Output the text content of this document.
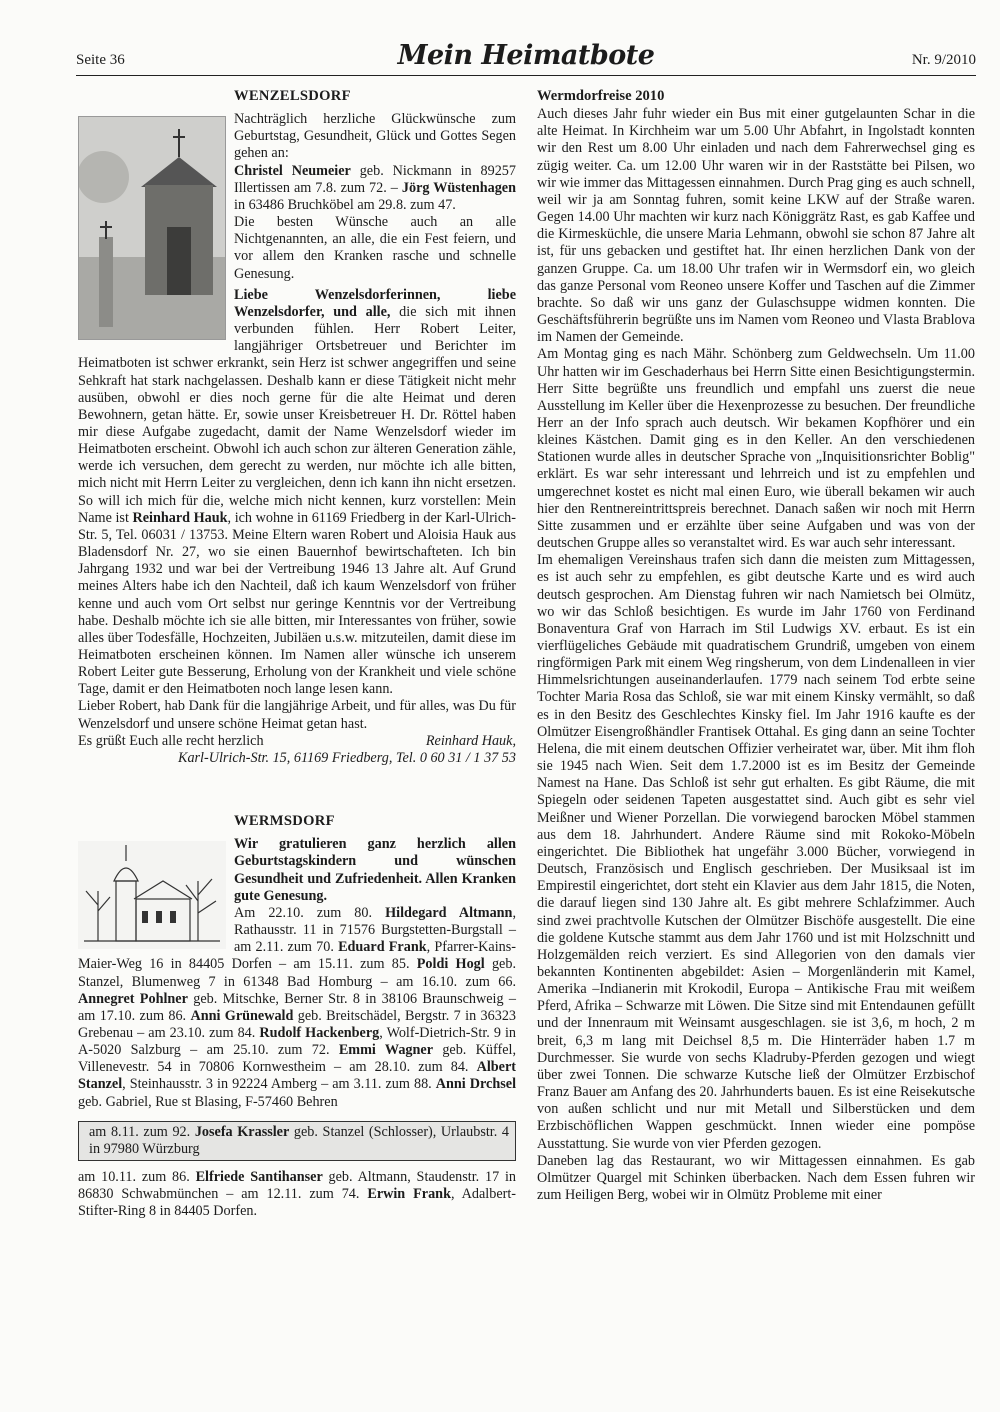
Seite 36	Mein Heimatbote	Nr. 9/2010

WENZELSDORF

Nachträglich herzliche Glückwünsche zum Geburtstag, Gesundheit, Glück und Gottes Segen gehen an:

Christel Neumeier geb. Nickmann in 89257 Illertissen am 7.8. zum 72. – Jörg Wüstenhagen in 63486 Bruchköbel am 29.8. zum 47.

Die besten Wünsche auch an alle Nichtgenannten, an alle, die ein Fest feiern, und vor allem den Kranken rasche und schnelle Genesung.

Liebe Wenzelsdorferinnen, liebe Wenzelsdorfer, und alle, die sich mit ihnen verbunden fühlen. Herr Robert Leiter, langjähriger Ortsbetreuer und Berichter im Heimatboten ist schwer erkrankt, sein Herz ist schwer angegriffen und seine Sehkraft hat stark nachgelassen. Deshalb kann er diese Tätigkeit nicht mehr ausüben, obwohl er dies noch gerne für die alte Heimat und deren Bewohnern, getan hätte. Er, sowie unser Kreisbetreuer H. Dr. Röttel haben mir diese Aufgabe zugedacht, damit der Name Wenzelsdorf wieder im Heimatboten erscheint. Obwohl ich auch schon zur älteren Generation zähle, werde ich versuchen, dem gerecht zu werden, nur möchte ich alle bitten, mich nicht mit Herrn Leiter zu vergleichen, denn ich kann ihn nicht ersetzen. So will ich mich für die, welche mich nicht kennen, kurz vorstellen: Mein Name ist Reinhard Hauk, ich wohne in 61169 Friedberg in der Karl-Ulrich-Str. 5, Tel. 06031 / 13753. Meine Eltern waren Robert und Aloisia Hauk aus Bladensdorf Nr. 27, wo sie einen Bauernhof bewirtschafteten. Ich bin Jahrgang 1932 und war bei der Vertreibung 1946 13 Jahre alt. Auf Grund meines Alters habe ich den Nachteil, daß ich kaum Wenzelsdorf von früher kenne und auch vom Ort selbst nur geringe Kenntnis vor der Vertreibung habe. Deshalb möchte ich sie alle bitten, mir Interessantes von früher, sowie alles über Todesfälle, Hochzeiten, Jubiläen u.s.w. mitzuteilen, damit diese im Heimatboten erscheinen können. Im Namen aller wünsche ich unserem Robert Leiter gute Besserung, Erholung von der Krankheit und viele schöne Tage, damit er den Heimatboten noch lange lesen kann.

Lieber Robert, hab Dank für die langjährige Arbeit, und für alles, was Du für Wenzelsdorf und unsere schöne Heimat getan hast.

Es grüßt Euch alle recht herzlich	Reinhard Hauk,

Karl-Ulrich-Str. 15, 61169 Friedberg, Tel. 0 60 31 / 1 37 53

WERMSDORF

Wir gratulieren ganz herzlich allen Geburtstagskindern und wünschen Gesundheit und Zufriedenheit. Allen Kranken gute Genesung.

Am 22.10. zum 80. Hildegard Altmann, Rathausstr. 11 in 71576 Burgstetten-Burgstall – am 2.11. zum 70. Eduard Frank, Pfarrer-Kains-Maier-Weg 16 in 84405 Dorfen – am 15.11. zum 85. Poldi Hogl geb. Stanzel, Blumenweg 7 in 61348 Bad Homburg – am 16.10. zum 66. Annegret Pohlner geb. Mitschke, Berner Str. 8 in 38106 Braunschweig – am 17.10. zum 86. Anni Grünewald geb. Breitschädel, Bergstr. 7 in 36323 Grebenau – am 23.10. zum 84. Rudolf Hackenberg, Wolf-Dietrich-Str. 9 in A-5020 Salzburg – am 25.10. zum 72. Emmi Wagner geb. Küffel, Villenevestr. 54 in 70806 Kornwestheim – am 28.10. zum 84. Albert Stanzel, Steinhausstr. 3 in 92224 Amberg – am 3.11. zum 88. Anni Drchsel geb. Gabriel, Rue st Blasing, F-57460 Behren

am 8.11. zum 92. Josefa Krassler geb. Stanzel (Schlosser), Urlaubstr. 4 in 97980 Würzburg

am 10.11. zum 86. Elfriede Santihanser geb. Altmann, Staudenstr. 17 in 86830 Schwabmünchen – am 12.11. zum 74. Erwin Frank, Adalbert-Stifter-Ring 8 in 84405 Dorfen.

Wermdorfreise 2010

Auch dieses Jahr fuhr wieder ein Bus mit einer gutgelaunten Schar in die alte Heimat. In Kirchheim war um 5.00 Uhr Abfahrt, in Ingolstadt konnten wir den Rest um 8.00 Uhr einladen und nach dem Fahrerwechsel ging es zügig weiter. Ca. um 12.00 Uhr waren wir in der Raststätte bei Pilsen, wo wir wie immer das Mittagessen einnahmen. Durch Prag ging es auch schnell, weil wir ja am Sonntag fuhren, somit keine LKW auf der Straße waren. Gegen 14.00 Uhr machten wir kurz nach Königgrätz Rast, es gab Kaffee und die Kirmesküchle, die unsere Maria Lehmann, obwohl sie schon 87 Jahre alt ist, für uns gebacken und gestiftet hat. Ihr einen herzlichen Dank von der ganzen Gruppe. Ca. um 18.00 Uhr trafen wir in Wermsdorf ein, wo gleich das ganze Personal vom Reoneo unsere Koffer und Taschen auf die Zimmer brachte. So daß wir uns ganz der Gulaschsuppe widmen konnten. Die Geschäftsführerin begrüßte uns im Namen vom Reoneo und Vlasta Brablova im Namen der Gemeinde.

Am Montag ging es nach Mähr. Schönberg zum Geldwechseln. Um 11.00 Uhr hatten wir im Geschaderhaus bei Herrn Sitte einen Besichtigungstermin. Herr Sitte begrüßte uns freundlich und empfahl uns zuerst die neue Ausstellung im Keller über die Hexenprozesse zu besuchen. Der freundliche Herr an der Info sprach auch deutsch. Wir bekamen Kopfhörer und ein kleines Kästchen. Damit ging es in den Keller. An den verschiedenen Stationen wurde alles in deutscher Sprache von „Inquisitionsrichter Boblig" erklärt. Es war sehr interessant und lehrreich und ist zu empfehlen und umgerechnet kostet es nicht mal einen Euro, wie überall bekamen wir auch hier den Rentnereintrittspreis berechnet. Danach saßen wir noch mit Herrn Sitte zusammen und er erzählte über seine Aufgaben und was von der deutschen Gruppe alles so veranstaltet wird. Es war auch sehr interessant.

Im ehemaligen Vereinshaus trafen sich dann die meisten zum Mittagessen, es ist auch sehr zu empfehlen, es gibt deutsche Karte und es wird auch deutsch gesprochen. Am Dienstag fuhren wir nach Namietsch bei Olmütz, wo wir das Schloß besichtigen. Es wurde im Jahr 1760 von Ferdinand Bonaventura Graf von Harrach im Stil Ludwigs XV. erbaut. Es ist ein vierflügeliches Gebäude mit quadratischem Grundriß, umgeben von einem ringförmigen Park mit einem Weg ringsherum, von dem Lindenalleen in vier Himmelsrichtungen auseinanderlaufen. 1779 nach seinem Tod erbte seine Tochter Maria Rosa das Schloß, sie war mit einem Kinsky vermählt, so daß es in den Besitz des Geschlechtes Kinsky fiel. Im Jahr 1916 kaufte es der Olmützer Eisengroßhändler Frantisek Ottahal. Es ging dann an seine Tochter Helena, die mit einem deutschen Offizier verheiratet war, über. Mit ihm floh sie 1945 nach Wien. Seit dem 1.7.2000 ist es im Besitz der Gemeinde Namest na Hane. Das Schloß ist sehr gut erhalten. Es gibt Räume, die mit Spiegeln oder seidenen Tapeten ausgestattet sind. Auch gibt es sehr viel Meißner und Wiener Porzellan. Die vorwiegend barocken Möbel stammen aus dem 18. Jahrhundert. Andere Räume sind mit Rokoko-Möbeln eingerichtet. Die Bibliothek hat ungefähr 3.000 Bücher, vorwiegend in Deutsch, Französisch und Englisch geschrieben. Der Musiksaal ist im Empirestil eingerichtet, dort steht ein Klavier aus dem Jahr 1815, die Noten, die darauf liegen sind 130 Jahre alt. Es gibt mehrere Schlafzimmer. Auch sind zwei prachtvolle Kutschen der Olmützer Bischöfe ausgestellt. Die eine die goldene Kutsche stammt aus dem Jahr 1760 und ist mit Holzschnitt und Holzgemälden reich verziert. Es sind Allegorien von den damals vier bekannten Kontinenten abgebildet: Asien – Morgenländerin mit Kamel, Amerika –Indianerin mit Krokodil, Europa – Antikische Frau mit weißem Pferd, Afrika – Schwarze mit Löwen. Die Sitze sind mit Entendaunen gefüllt und der Innenraum mit Weinsamt ausgeschlagen. sie ist 3,6, m hoch, 2 m breit, 6,3 m lang mit Deichsel 8,5 m. Die Hinterräder haben 1.7 m Durchmesser. Sie wurde von sechs Kladruby-Pferden gezogen und wiegt über zwei Tonnen. Die schwarze Kutsche ließ der Olmützer Erzbischof Franz Bauer am Anfang des 20. Jahrhunderts bauen. Es ist eine Reisekutsche von außen schlicht und nur mit Metall und Silberstücken und dem Erzbischöflichen Wappen geschmückt. Innen wieder eine pompöse Ausstattung. Sie wurde von vier Pferden gezogen.

Daneben lag das Restaurant, wo wir Mittagessen einnahmen. Es gab Olmützer Quargel mit Schinken überbacken. Nach dem Essen fuhren wir zum Heiligen Berg, wobei wir in Olmütz Probleme mit einer
